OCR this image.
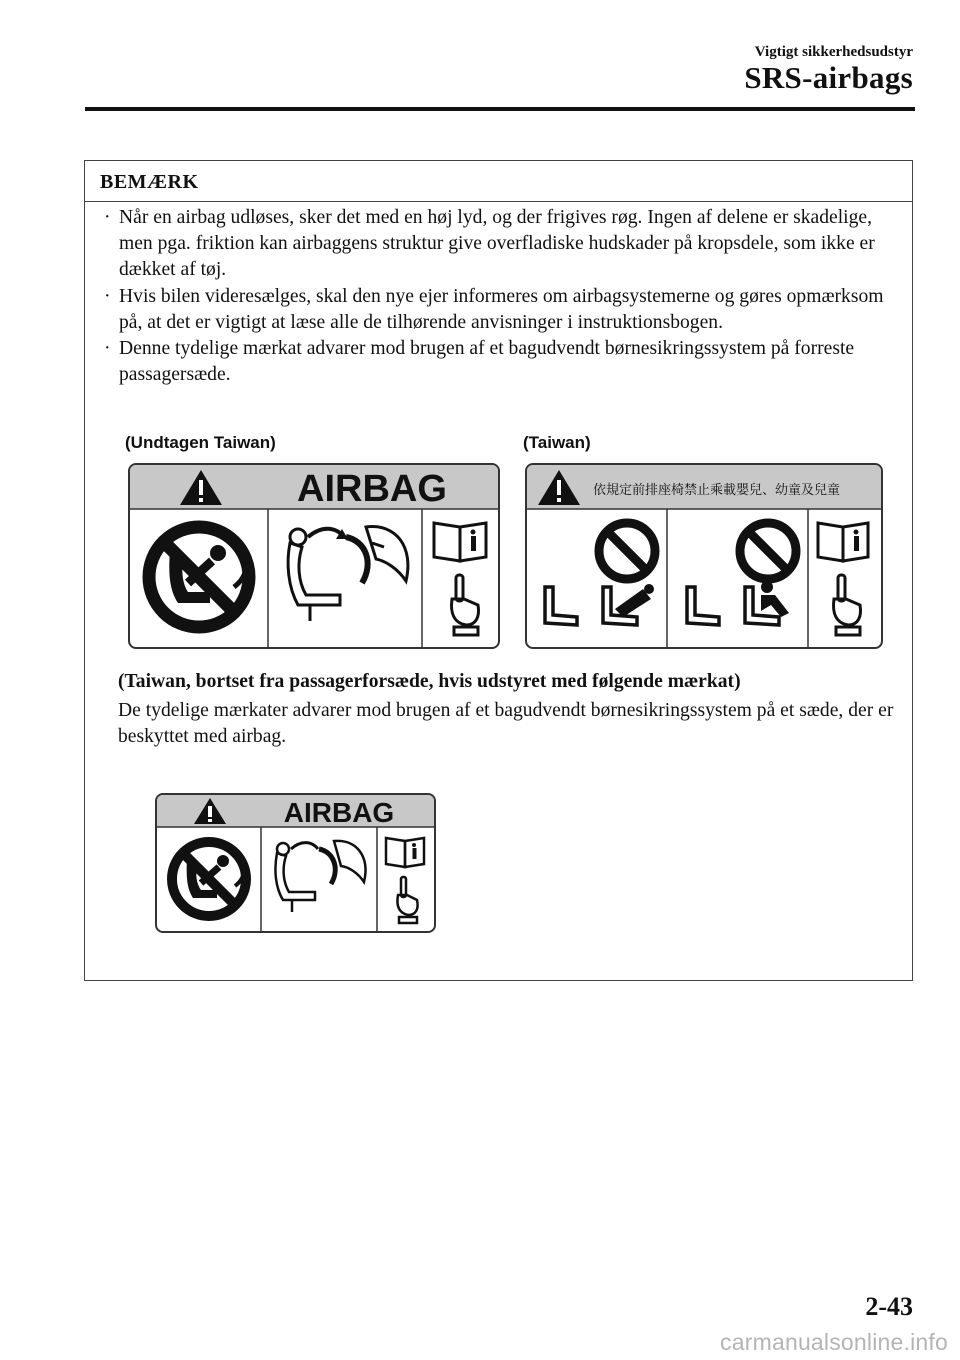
Vigtigt sikkerhedsudstyr
SRS-airbags
BEMÆRK
· Når en airbag udløses, sker det med en høj lyd, og der frigives røg. Ingen af delene er skadelige, men pga. friktion kan airbaggens struktur give overfladiske hudskader på kropsdele, som ikke er dækket af tøj.
· Hvis bilen videresælges, skal den nye ejer informeres om airbagsystemerne og gøres opmærksom på, at det er vigtigt at læse alle de tilhørende anvisninger i instruktionsbogen.
· Denne tydelige mærkat advarer mod brugen af et bagudvendt børnesikringssystem på forreste passagersæde.
(Undtagen Taiwan)	(Taiwan)
AIRBAG	依規定前排座椅禁止乘載嬰兒、幼童及兒童
(Taiwan, bortset fra passagerforsæde, hvis udstyret med følgende mærkat)
De tydelige mærkater advarer mod brugen af et bagudvendt børnesikringssystem på et sæde, der er beskyttet med airbag.
AIRBAG
2-43
carmanualsonline.info
